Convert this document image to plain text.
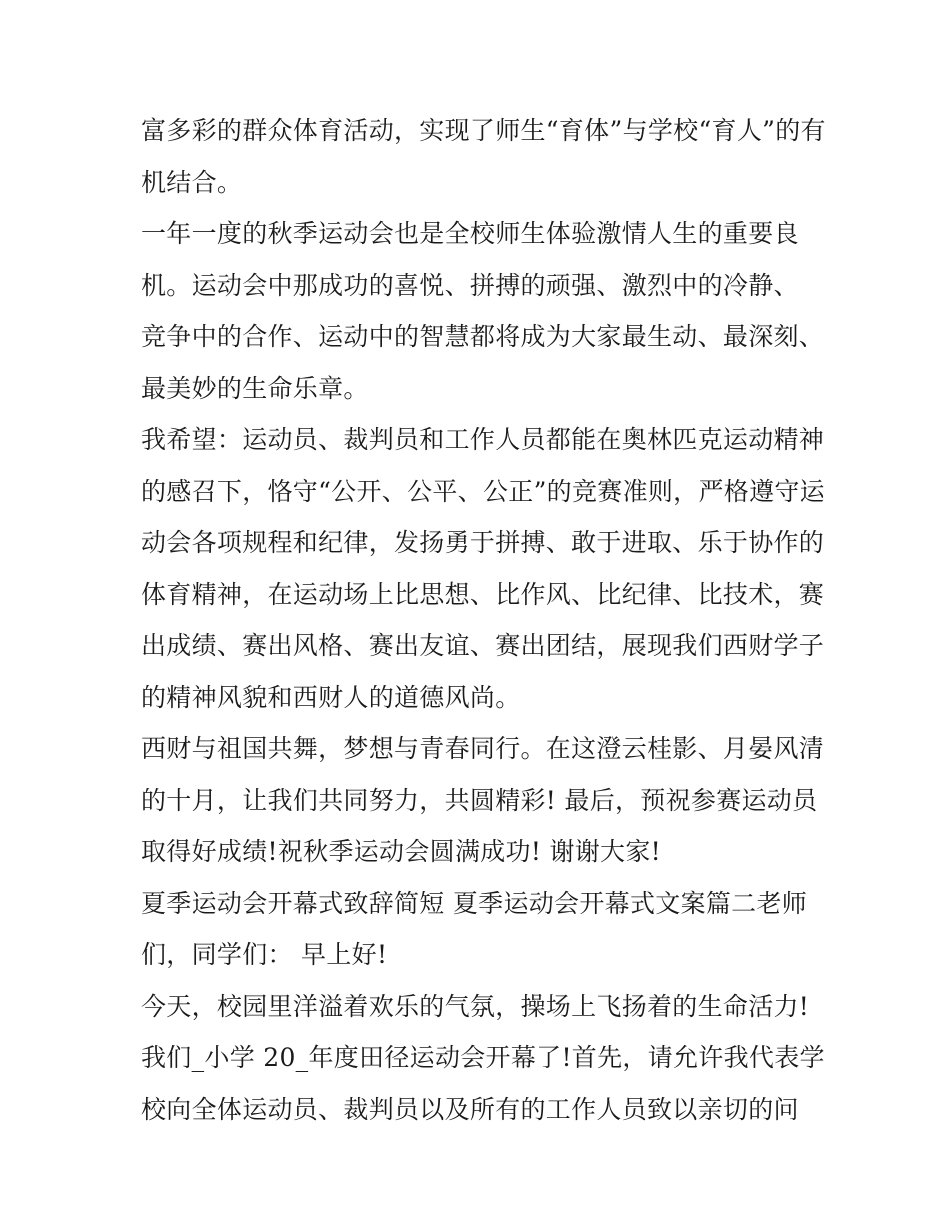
富多彩的群众体育活动，实现了师生“育体”与学校“育人”的有
机结合。
一年一度的秋季运动会也是全校师生体验激情人生的重要良
机。运动会中那成功的喜悦、拼搏的顽强、激烈中的冷静、
竞争中的合作、运动中的智慧都将成为大家最生动、最深刻、
最美妙的生命乐章。
我希望：运动员、裁判员和工作人员都能在奥林匹克运动精神
的感召下，恪守“公开、公平、公正”的竞赛准则，严格遵守运
动会各项规程和纪律，发扬勇于拼搏、敢于进取、乐于协作的
体育精神，在运动场上比思想、比作风、比纪律、比技术，赛
出成绩、赛出风格、赛出友谊、赛出团结，展现我们西财学子
的精神风貌和西财人的道德风尚。
西财与祖国共舞，梦想与青春同行。在这澄云桂影、月晏风清
的十月，让我们共同努力，共圆精彩! 最后，预祝参赛运动员
取得好成绩!祝秋季运动会圆满成功! 谢谢大家!
夏季运动会开幕式致辞简短 夏季运动会开幕式文案篇二老师
们，同学们： 早上好!
今天，校园里洋溢着欢乐的气氛，操场上飞扬着的生命活力!
我们_小学 20_年度田径运动会开幕了!首先，请允许我代表学
校向全体运动员、裁判员以及所有的工作人员致以亲切的问
